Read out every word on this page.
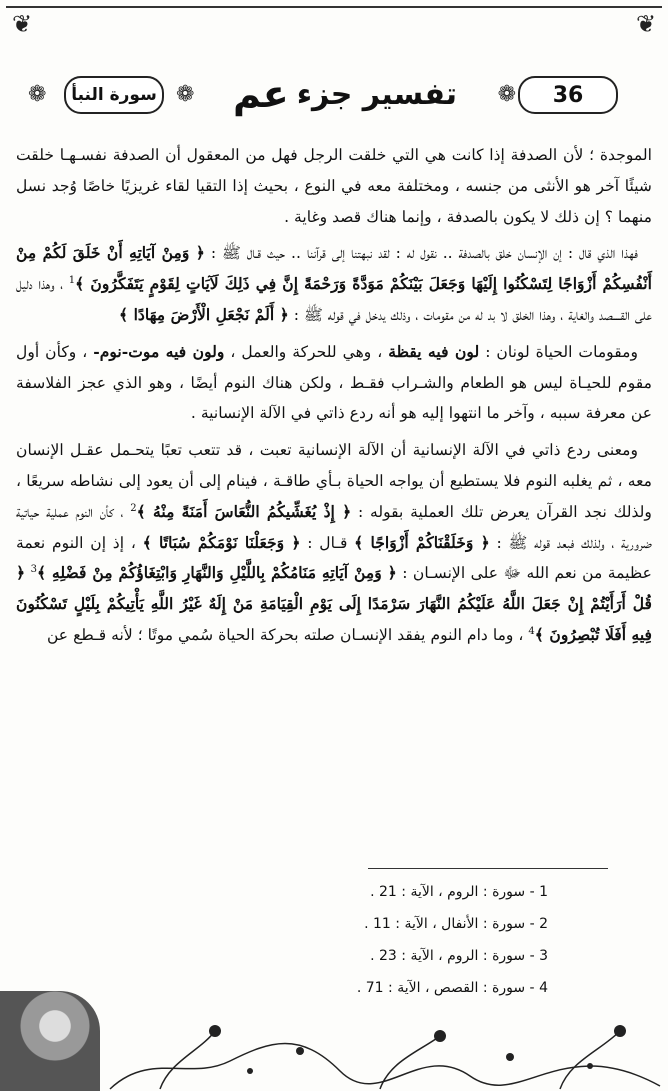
❦
❦
36
❁
تفسير جزء
عم
❁
سورة النبأ
❁

الموجدة ؛ لأن الصدفة إذا كانت هي التي خلقت الرجل فهل من المعقول أن الصدفة نفسـهـا خلقت شيئًا آخر هو الأنثى من جنسه ، ومختلفة معه في النوع ، بحيث إذا التقيا لقاء غريزيًا خاصًا وُجد نسل منهما ؟ إن ذلك لا يكون بالصدفة ، وإنما هناك قصد وغاية .

فهذا الذي قال : إن الإنسان خلق بالصدفة .. نقول له : لقد نبهتنا إلى قرآننا .. حيث قـال ﷺ : ﴿ وَمِنْ آيَاتِهِ أَنْ خَلَقَ لَكُمْ مِنْ أَنْفُسِكُمْ أَزْوَاجًا لِتَسْكُنُوا إِلَيْهَا وَجَعَلَ بَيْنَكُمْ مَوَدَّةً وَرَحْمَةً إِنَّ فِي ذَلِكَ لَآيَاتٍ لِقَوْمٍ يَتَفَكَّرُونَ ﴾$^1$ ، وهذا دليل على القــــصد والغاية ، وهذا الخلق لا بد له من مقومات ، وذلك يدخل في قوله ﷺ : ﴿ أَلَمْ نَجْعَلِ الْأَرْضَ مِهَادًا ﴾

ومقومات الحياة لونان : لون فيه يقظة ، وهي للحركة والعمل ، ولون فيه موت-نوم- ، وكأن أول مقوم للحيـاة ليس هو الطعام والشـراب فقـط ، ولكن هناك النوم أيضًا ، وهو الذي عجز الفلاسفة عن معرفة سببه ، وآخر ما انتهوا إليه هو أنه ردع ذاتي في الآلة الإنسانية .

ومعنى ردع ذاتي في الآلة الإنسانية أن الآلة الإنسانية تعبت ، قد تتعب تعبًا يتحـمل عقـل الإنسان معه ، ثم يغلبه النوم فلا يستطيع أن يواجه الحياة بـأي طاقـة ، فينام إلى أن يعود إلى نشاطه سريعًا ، ولذلك نجد القرآن يعرض تلك العملية بقوله : ﴿ إِذْ يُغَشِّيكُمُ النُّعَاسَ أَمَنَةً مِنْهُ ﴾$^2$ ، كأن النوم عملية حياتية ضرورية ، ولذلك فبعد قوله ﷺ : ﴿ وَخَلَقْنَاكُمْ أَزْوَاجًا ﴾ قـال : ﴿ وَجَعَلْنَا نَوْمَكُمْ سُبَاتًا ﴾ ، إذ إن النوم نعمة عظيمة من نعم الله ﷻ على الإنسـان : ﴿ وَمِنْ آيَاتِهِ مَنَامُكُمْ بِاللَّيْلِ وَالنَّهَارِ وَابْتِغَاؤُكُمْ مِنْ فَضْلِهِ ﴾$^3$ ﴿ قُلْ أَرَأَيْتُمْ إِنْ جَعَلَ اللَّهُ عَلَيْكُمُ النَّهَارَ سَرْمَدًا إِلَى يَوْمِ الْقِيَامَةِ مَنْ إِلَهٌ غَيْرُ اللَّهِ يَأْتِيكُمْ بِلَيْلٍ تَسْكُنُونَ فِيهِ أَفَلَا تُبْصِرُونَ ﴾$^4$ ، وما دام النوم يفقد الإنسـان صلته بحركة الحياة سُمي موتًا ؛ لأنه قـطع عن

1 - سورة : الروم ، الآية : 21 .
2 - سورة : الأنفال ، الآية : 11 .
3 - سورة : الروم ، الآية : 23 .
4 - سورة : القصص ، الآية : 71 .
